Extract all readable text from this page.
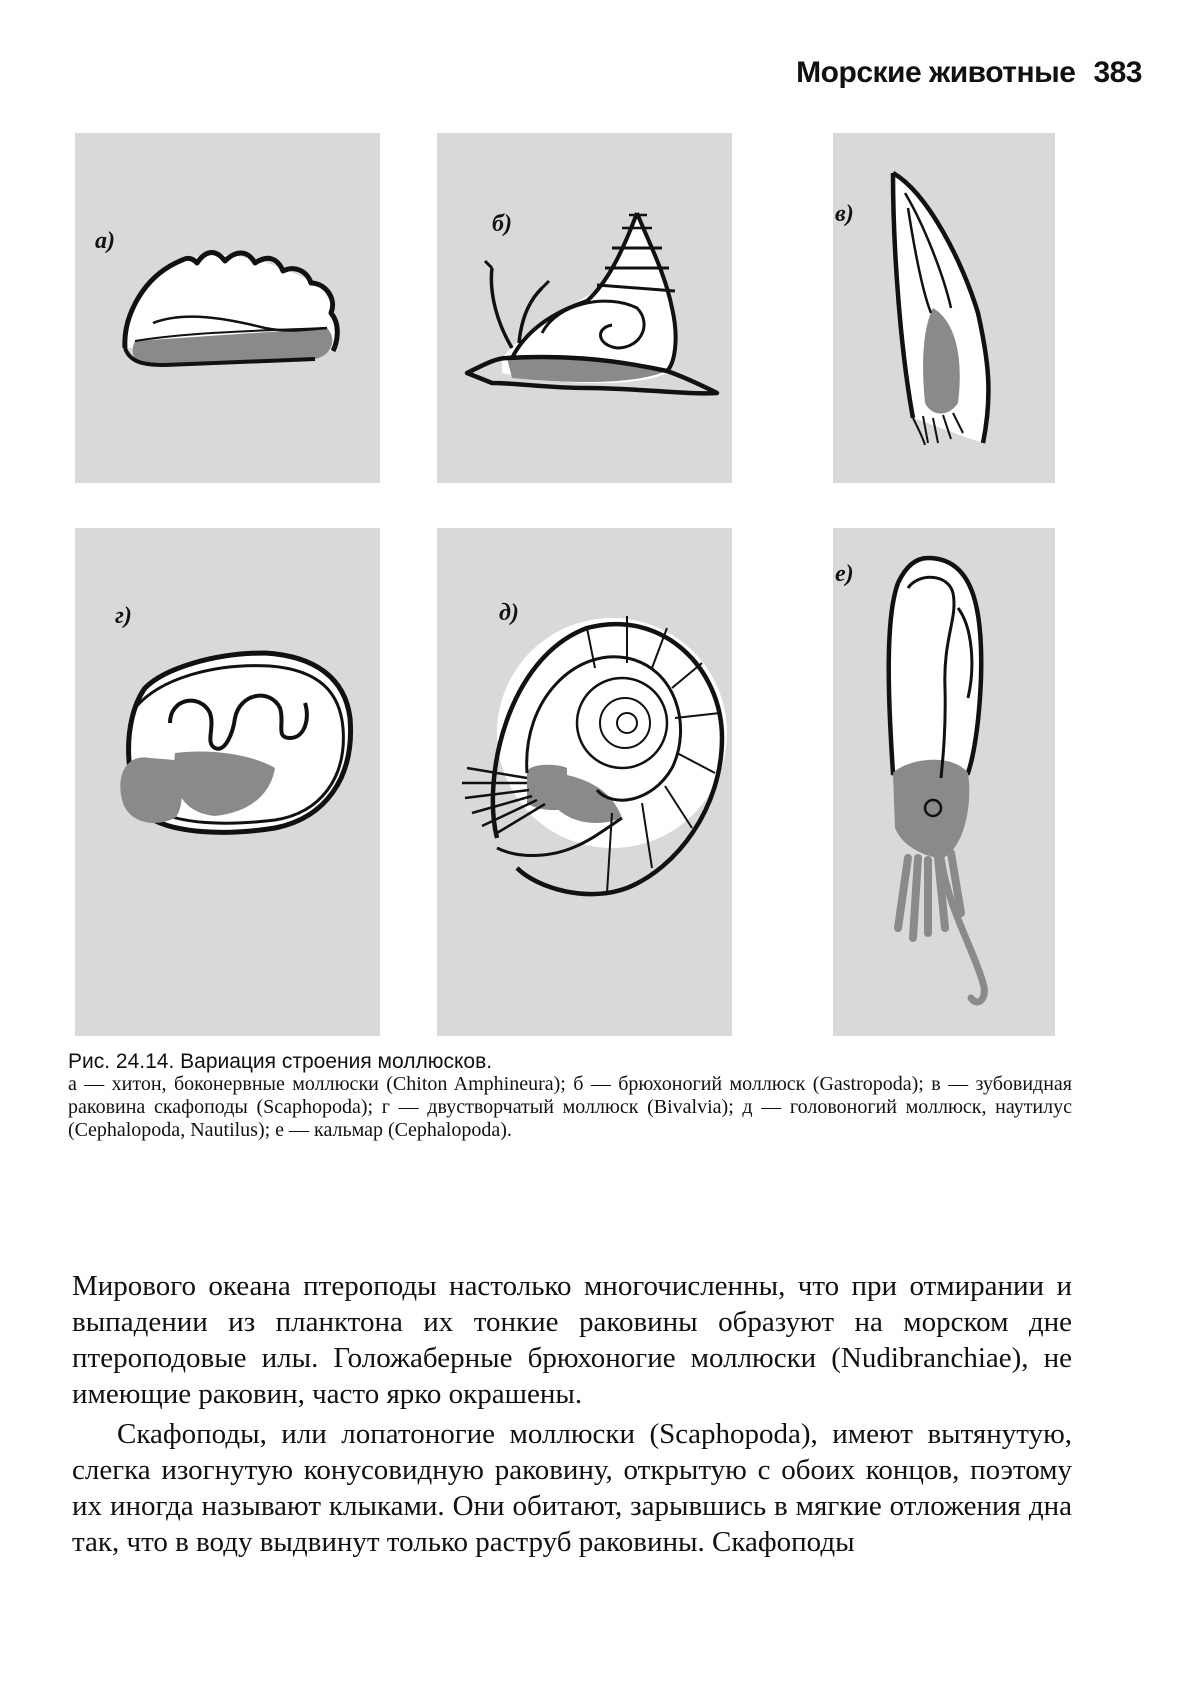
Морские животные 383
а)
б)	в)
г)	д)
е)
Рис. 24.14. Вариация строения моллюсков.
а — хитон, боконервные моллюски (Chiton Amphineura); б — брюхоногий моллюск (Gastropoda); в — зубовидная раковина скафоподы (Scaphopoda); г — двустворчатый моллюск (Bivalvia); д — головоногий моллюск, наутилус (Cephalopoda, Nautilus); е — кальмар (Cephalopoda).

Мирового океана птероподы настолько многочисленны, что при отмирании и выпадении из планктона их тонкие раковины образуют на морском дне птероподовые илы. Голожаберные брюхоногие моллюски (Nudibranchiae), не имеющие раковин, часто ярко окрашены.

Скафоподы, или лопатоногие моллюски (Scaphopoda), имеют вытянутую, слегка изогнутую конусовидную раковину, открытую с обоих концов, поэтому их иногда называют клыками. Они обитают, зарывшись в мягкие отложения дна так, что в воду выдвинут только раструб раковины. Скафоподы
